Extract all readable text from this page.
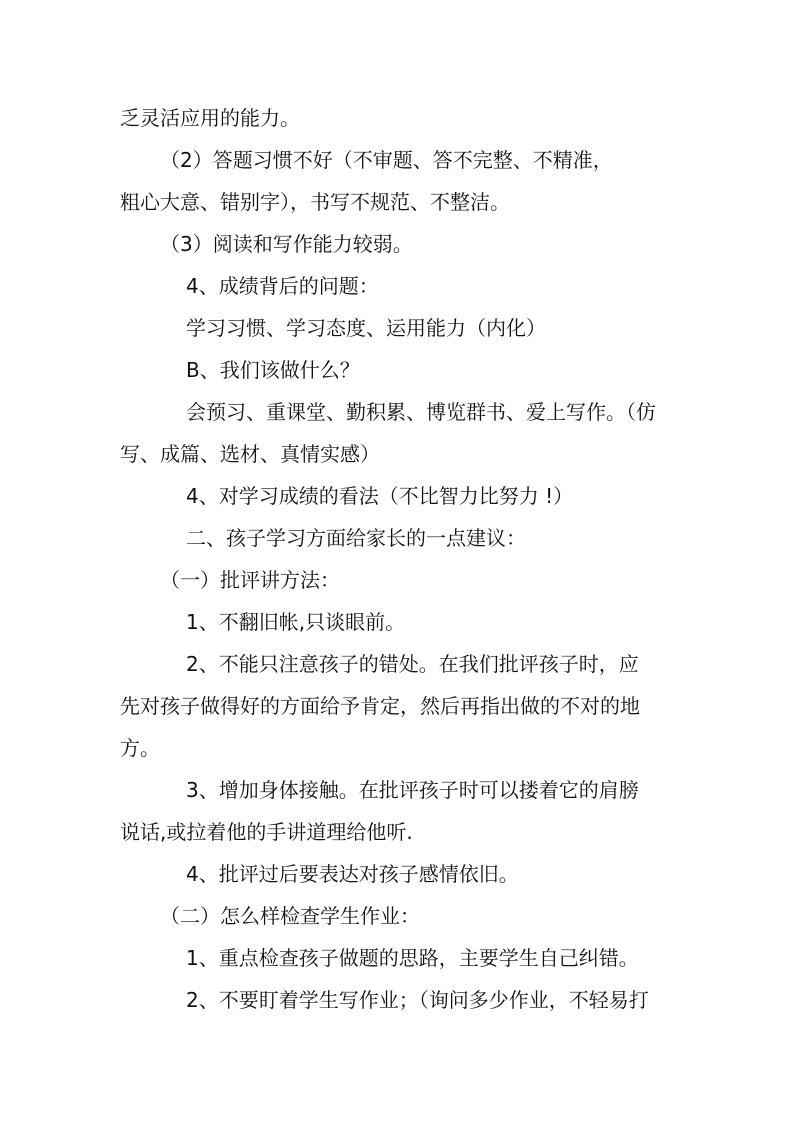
乏灵活应用的能力。
（2）答题习惯不好（不审题、答不完整、不精准，
粗心大意、错别字），书写不规范、不整洁。
（3）阅读和写作能力较弱。
4、成绩背后的问题：
学习习惯、学习态度、运用能力（内化）
B、我们该做什么？
会预习、重课堂、勤积累、博览群书、爱上写作。（仿
写、成篇、选材、真情实感）
4、对学习成绩的看法（不比智力比努力 !）
二、孩子学习方面给家长的一点建议：
（一）批评讲方法：
1、不翻旧帐,只谈眼前。
2、不能只注意孩子的错处。在我们批评孩子时，应
先对孩子做得好的方面给予肯定，然后再指出做的不对的地
方。
3、增加身体接触。在批评孩子时可以搂着它的肩膀
说话,或拉着他的手讲道理给他听.
4、批评过后要表达对孩子感情依旧。
（二）怎么样检查学生作业：
1、重点检查孩子做题的思路，主要学生自己纠错。
2、不要盯着学生写作业；（询问多少作业，不轻易打
